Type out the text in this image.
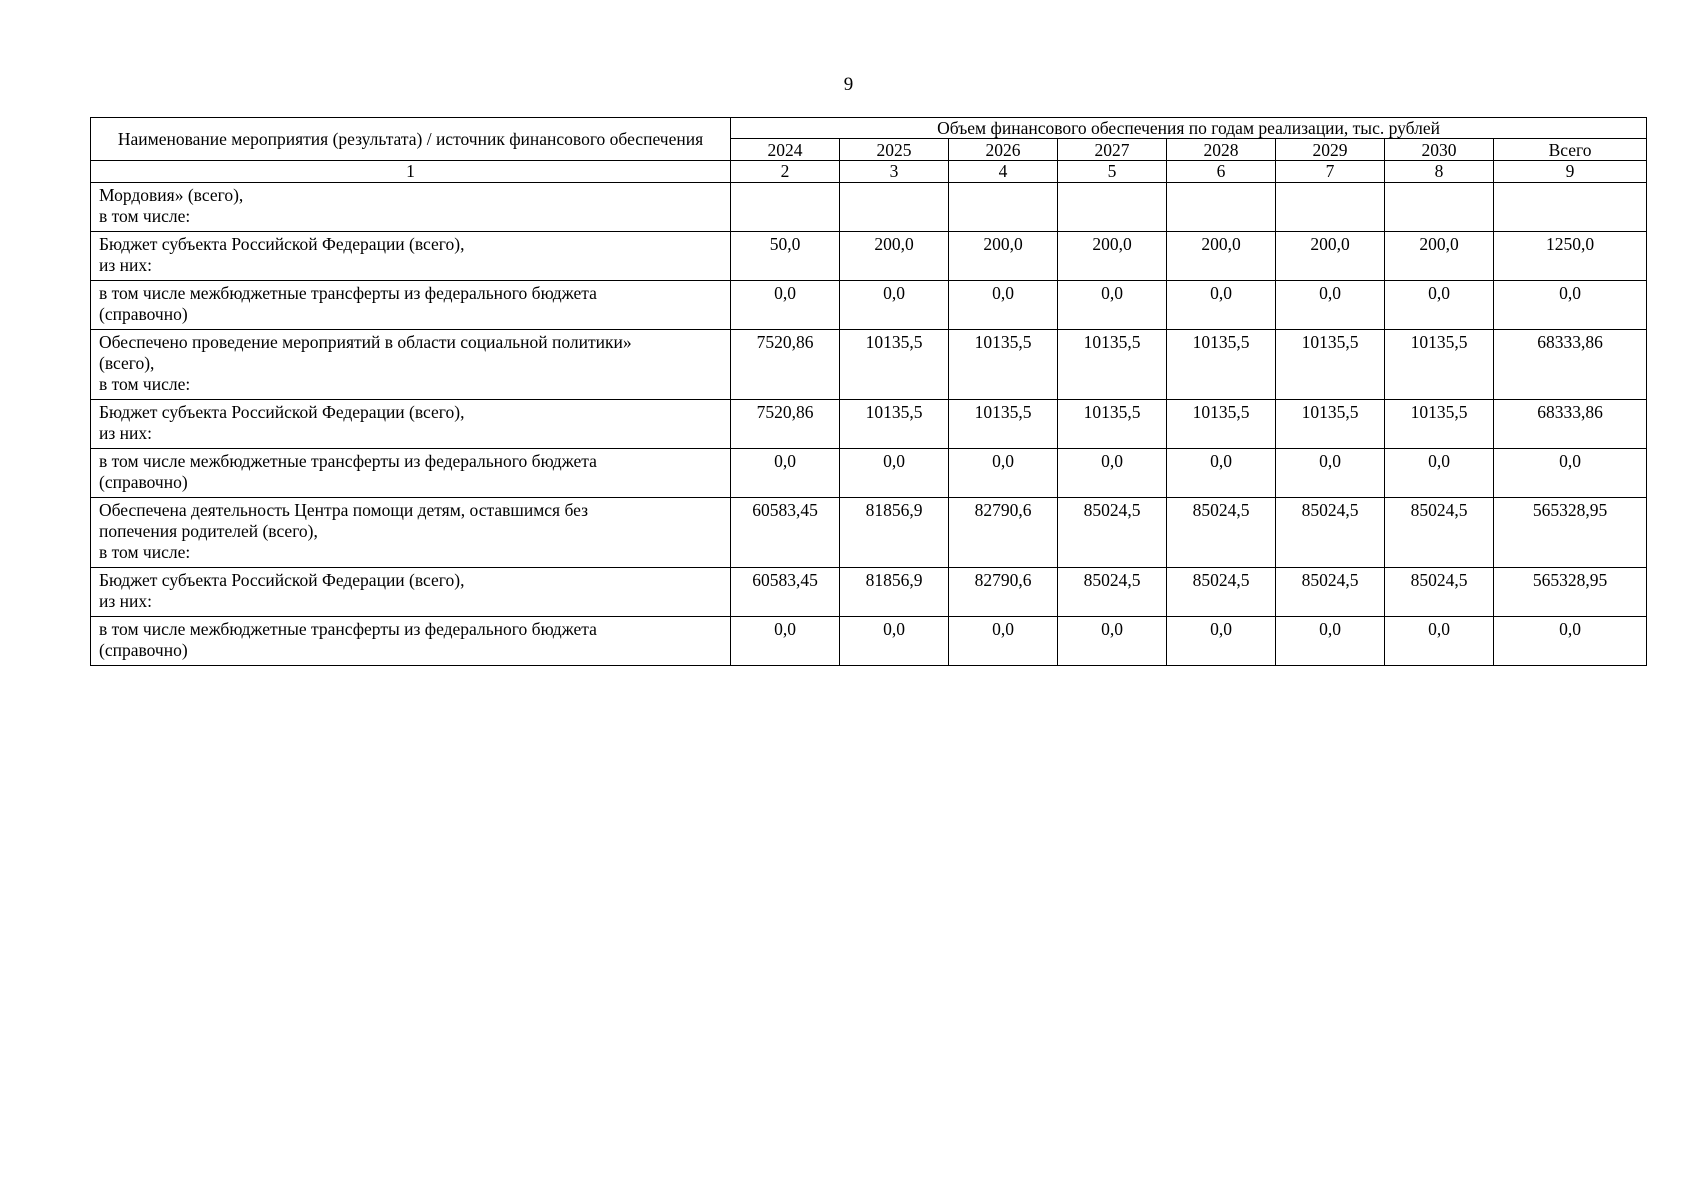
9
Наименование мероприятия (результата) / источник финансового обеспечения	Объем финансового обеспечения по годам реализации, тыс. рублей							
	2024	2025	2026	2027	2028	2029	2030	Всего
1	2	3	4	5	6	7	8	9

Мордовия» (всего),
в том числе:								

Бюджет субъекта Российской Федерации (всего),
из них:	50,0	200,0	200,0	200,0	200,0	200,0	200,0	1250,0

в том числе межбюджетные трансферты из федерального бюджета
(справочно)	0,0	0,0	0,0	0,0	0,0	0,0	0,0	0,0

Обеспечено проведение мероприятий в области социальной политики»
(всего),
в том числе:	7520,86	10135,5	10135,5	10135,5	10135,5	10135,5	10135,5	68333,86

Бюджет субъекта Российской Федерации (всего),
из них:	7520,86	10135,5	10135,5	10135,5	10135,5	10135,5	10135,5	68333,86

в том числе межбюджетные трансферты из федерального бюджета
(справочно)	0,0	0,0	0,0	0,0	0,0	0,0	0,0	0,0

Обеспечена деятельность Центра помощи детям, оставшимся без
попечения родителей (всего),
в том числе:	60583,45	81856,9	82790,6	85024,5	85024,5	85024,5	85024,5	565328,95

Бюджет субъекта Российской Федерации (всего),
из них:	60583,45	81856,9	82790,6	85024,5	85024,5	85024,5	85024,5	565328,95

в том числе межбюджетные трансферты из федерального бюджета
(справочно)	0,0	0,0	0,0	0,0	0,0	0,0	0,0	0,0
